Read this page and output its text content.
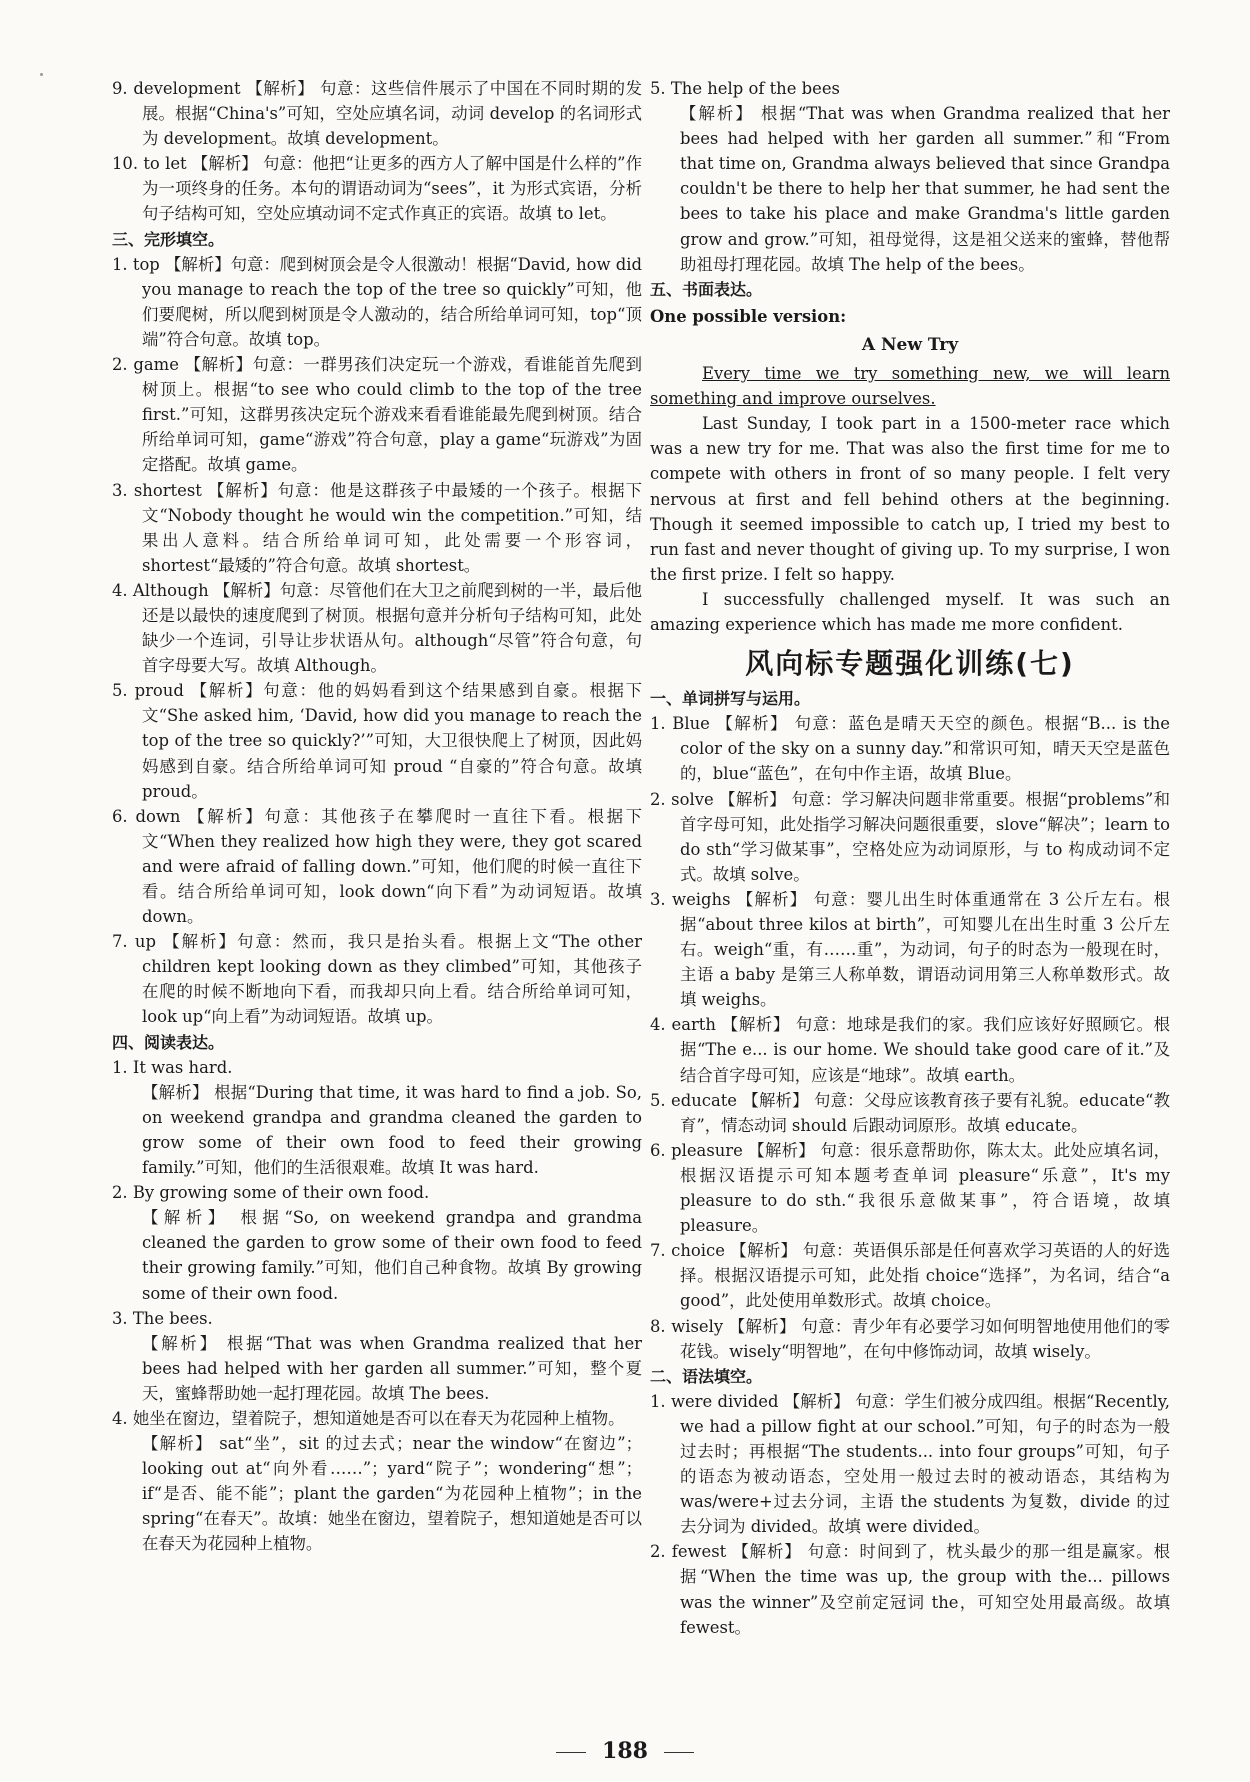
9. development 【解析】 句意：这些信件展示了中国在不同时期的发展。根据“China's”可知，空处应填名词，动词 develop 的名词形式为 development。故填 development。

10. to let 【解析】 句意：他把“让更多的西方人了解中国是什么样的”作为一项终身的任务。本句的谓语动词为“sees”，it 为形式宾语，分析句子结构可知，空处应填动词不定式作真正的宾语。故填 to let。

三、完形填空。

1. top 【解析】句意：爬到树顶会是令人很激动！根据“David, how did you manage to reach the top of the tree so quickly”可知，他们要爬树，所以爬到树顶是令人激动的，结合所给单词可知，top“顶端”符合句意。故填 top。

2. game 【解析】句意：一群男孩们决定玩一个游戏，看谁能首先爬到树顶上。根据“to see who could climb to the top of the tree first.”可知，这群男孩决定玩个游戏来看看谁能最先爬到树顶。结合所给单词可知，game“游戏”符合句意，play a game“玩游戏”为固定搭配。故填 game。

3. shortest 【解析】句意：他是这群孩子中最矮的一个孩子。根据下文“Nobody thought he would win the competition.”可知，结果出人意料。结合所给单词可知，此处需要一个形容词，shortest“最矮的”符合句意。故填 shortest。

4. Although 【解析】句意：尽管他们在大卫之前爬到树的一半，最后他还是以最快的速度爬到了树顶。根据句意并分析句子结构可知，此处缺少一个连词，引导让步状语从句。although“尽管”符合句意，句首字母要大写。故填 Although。

5. proud 【解析】句意：他的妈妈看到这个结果感到自豪。根据下文“She asked him, ‘David, how did you manage to reach the top of the tree so quickly?’”可知，大卫很快爬上了树顶，因此妈妈感到自豪。结合所给单词可知 proud “自豪的”符合句意。故填 proud。

6. down 【解析】句意：其他孩子在攀爬时一直往下看。根据下文“When they realized how high they were, they got scared and were afraid of falling down.”可知，他们爬的时候一直往下看。结合所给单词可知，look down“向下看”为动词短语。故填 down。

7. up 【解析】句意：然而，我只是抬头看。根据上文“The other children kept looking down as they climbed”可知，其他孩子在爬的时候不断地向下看，而我却只向上看。结合所给单词可知，look up“向上看”为动词短语。故填 up。

四、阅读表达。

1. It was hard.

【解析】 根据“During that time, it was hard to find a job. So, on weekend grandpa and grandma cleaned the garden to grow some of their own food to feed their growing family.”可知，他们的生活很艰难。故填 It was hard.

2. By growing some of their own food.

【解析】 根据“So, on weekend grandpa and grandma cleaned the garden to grow some of their own food to feed their growing family.”可知，他们自己种食物。故填 By growing some of their own food.

3. The bees.

【解析】 根据“That was when Grandma realized that her bees had helped with her garden all summer.”可知，整个夏天，蜜蜂帮助她一起打理花园。故填 The bees.

4. 她坐在窗边，望着院子，想知道她是否可以在春天为花园种上植物。

【解析】 sat“坐”，sit 的过去式；near the window“在窗边”；looking out at“向外看……”；yard“院子”；wondering“想”；if“是否、能不能”；plant the garden“为花园种上植物”；in the spring“在春天”。故填：她坐在窗边，望着院子，想知道她是否可以在春天为花园种上植物。

5. The help of the bees

【解析】 根据“That was when Grandma realized that her bees had helped with her garden all summer.”和“From that time on, Grandma always believed that since Grandpa couldn't be there to help her that summer, he had sent the bees to take his place and make Grandma's little garden grow and grow.”可知，祖母觉得，这是祖父送来的蜜蜂，替他帮助祖母打理花园。故填 The help of the bees。

五、书面表达。
One possible version:
A New Try

Every time we try something new, we will learn something and improve ourselves.

Last Sunday, I took part in a 1500-meter race which was a new try for me. That was also the first time for me to compete with others in front of so many people. I felt very nervous at first and fell behind others at the beginning. Though it seemed impossible to catch up, I tried my best to run fast and never thought of giving up. To my surprise, I won the first prize. I felt so happy.

I successfully challenged myself. It was such an amazing experience which has made me more confident.

风向标专题强化训练(七)
一、单词拼写与运用。

1. Blue 【解析】 句意：蓝色是晴天天空的颜色。根据“B... is the color of the sky on a sunny day.”和常识可知，晴天天空是蓝色的，blue“蓝色”，在句中作主语，故填 Blue。

2. solve 【解析】 句意：学习解决问题非常重要。根据“problems”和首字母可知，此处指学习解决问题很重要，slove“解决”；learn to do sth“学习做某事”，空格处应为动词原形，与 to 构成动词不定式。故填 solve。

3. weighs 【解析】 句意：婴儿出生时体重通常在 3 公斤左右。根据“about three kilos at birth”，可知婴儿在出生时重 3 公斤左右。weigh“重，有……重”，为动词，句子的时态为一般现在时，主语 a baby 是第三人称单数，谓语动词用第三人称单数形式。故填 weighs。

4. earth 【解析】 句意：地球是我们的家。我们应该好好照顾它。根据“The e... is our home. We should take good care of it.”及结合首字母可知，应该是“地球”。故填 earth。

5. educate 【解析】 句意：父母应该教育孩子要有礼貌。educate“教育”，情态动词 should 后跟动词原形。故填 educate。

6. pleasure 【解析】 句意：很乐意帮助你，陈太太。此处应填名词，根据汉语提示可知本题考查单词 pleasure“乐意”，It's my pleasure to do sth.“我很乐意做某事”，符合语境，故填 pleasure。

7. choice 【解析】 句意：英语俱乐部是任何喜欢学习英语的人的好选择。根据汉语提示可知，此处指 choice“选择”，为名词，结合“a good”，此处使用单数形式。故填 choice。

8. wisely 【解析】 句意：青少年有必要学习如何明智地使用他们的零花钱。wisely“明智地”，在句中修饰动词，故填 wisely。

二、语法填空。

1. were divided 【解析】 句意：学生们被分成四组。根据“Recently, we had a pillow fight at our school.”可知，句子的时态为一般过去时；再根据“The students... into four groups”可知，句子的语态为被动语态，空处用一般过去时的被动语态，其结构为 was/were+过去分词，主语 the students 为复数，divide 的过去分词为 divided。故填 were divided。

2. fewest 【解析】 句意：时间到了，枕头最少的那一组是赢家。根据“When the time was up, the group with the... pillows was the winner”及空前定冠词 the，可知空处用最高级。故填 fewest。

188
